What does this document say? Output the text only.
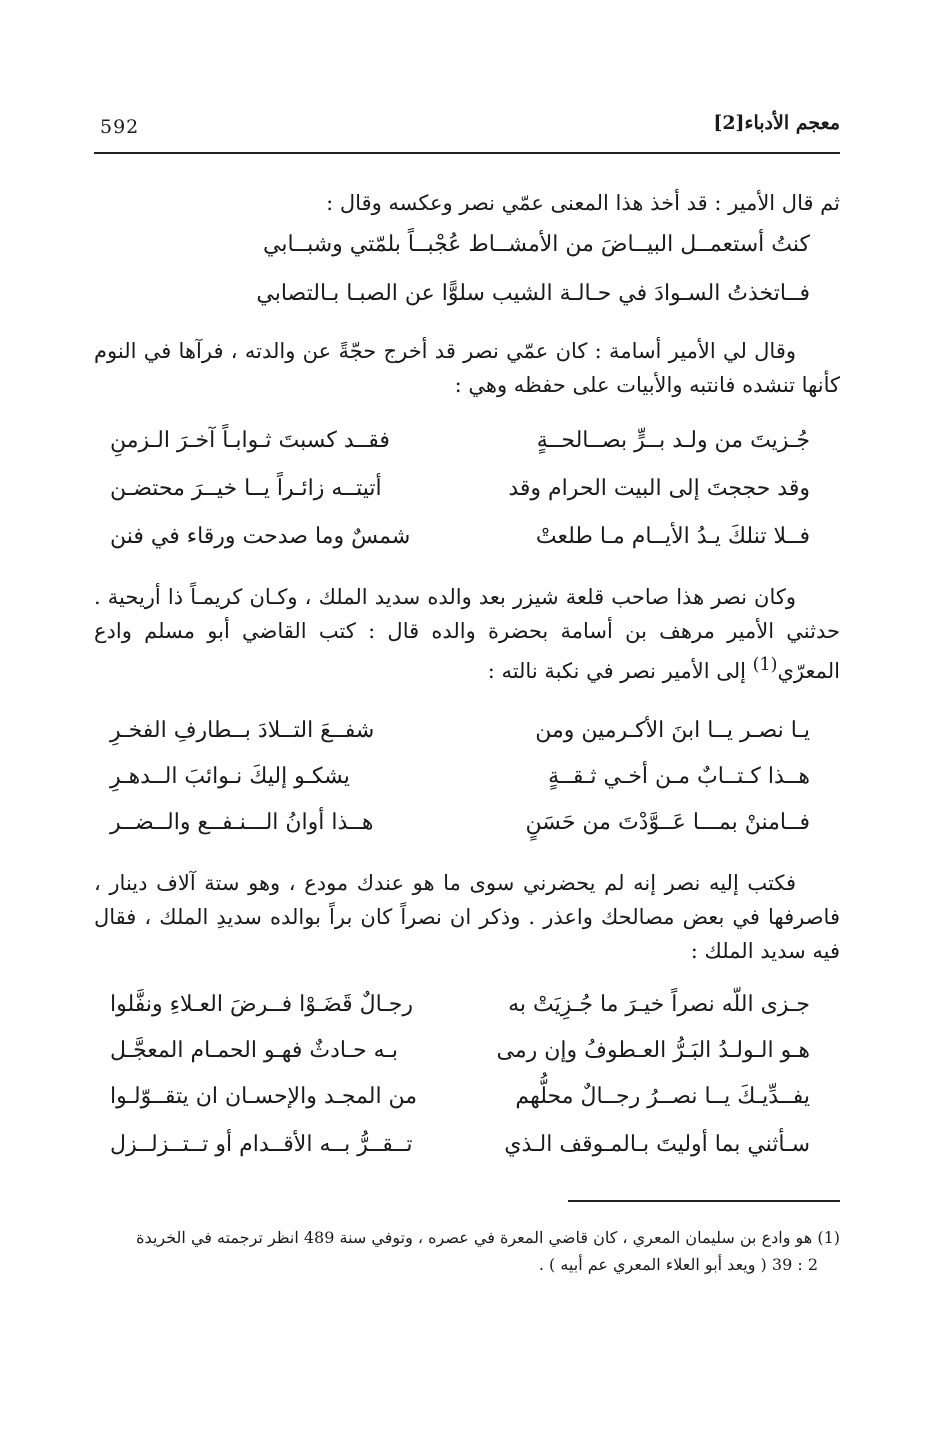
592	معجم الأدباء[2]
ثم قال الأمير : قد أخذ هذا المعنى عمّي نصر وعكسه وقال :
كنتُ أستعمــل البيــاضَ من الأمشــاط عُجْبــاً بلمّتي وشبــابي
فــاتخذتُ السـوادَ في حـالـة الشيب سلوًّا عن الصبـا بـالتصابي
وقال لي الأمير أسامة : كان عمّي نصر قد أخرج حجّةً عن والدته ، فرآها في النوم كأنها تنشده فانتبه والأبيات على حفظه وهي :
جُـزيتَ من ولـد بــرٍّ بصــالحــةٍ
فقــد كسبتَ ثـوابـاً آخـرَ الـزمنِ
وقد حججتَ إلى البيت الحرام وقد
أتيتــه زائـراً يــا خيــرَ محتضـن
فــلا تنلكَ يـدُ الأيــام مـا طلعتْ
شمسٌ وما صدحت ورقاء في فنن
وكان نصر هذا صاحب قلعة شيزر بعد والده سديد الملك ، وكـان كريمـاً ذا أريحية . حدثني الأمير مرهف بن أسامة بحضرة والده قال : كتب القاضي أبو مسلم وادع المعرّي$^{(1)}$ إلى الأمير نصر في نكبة نالته :
يـا نصـر يــا ابنَ الأكـرمين ومن
شفــعَ التــلادَ بــطارفِ الفخـرِ
هــذا كـتــابٌ مـن أخـي ثـقــةٍ
يشكـو إليكَ نـوائبَ الــدهـرِ
فــامننْ بمـــا عَــوَّدْتَ من حَسَنٍ
هــذا أوانُ الـــنـفــع والــضــر
فكتب إليه نصر إنه لم يحضرني سوى ما هو عندك مودع ، وهو ستة آلاف دينار ، فاصرفها في بعض مصالحك واعذر . وذكر ان نصراً كان براً بوالده سديدِ الملك ، فقال فيه سديد الملك :
جـزى اللّه نصراً خيـرَ ما جُـزِيَتْ به
رجـالٌ قَضَـوْا فــرضَ العـلاءِ ونفَّلوا
هـو الـولـدُ البَـرُّ العـطوفُ وإن رمى
بـه حـادثٌ فهـو الحمـام المعجَّـل
يفــدِّيـكَ يــا نصــرُ رجــالٌ محلُّهم
من المجـد والإحسـان ان يتقــوّلـوا
سـأثني بما أوليتَ بـالمـوقف الـذي
تــقــرُّ بــه الأقــدام أو تــتــزلــزل
(1) هو وادع بن سليمان المعري ، كان قاضي المعرة في عصره ، وتوفي سنة 489 انظر ترجمته في الخريدة
2 : 39 ( ويعد أبو العلاء المعري عم أبيه ) .
